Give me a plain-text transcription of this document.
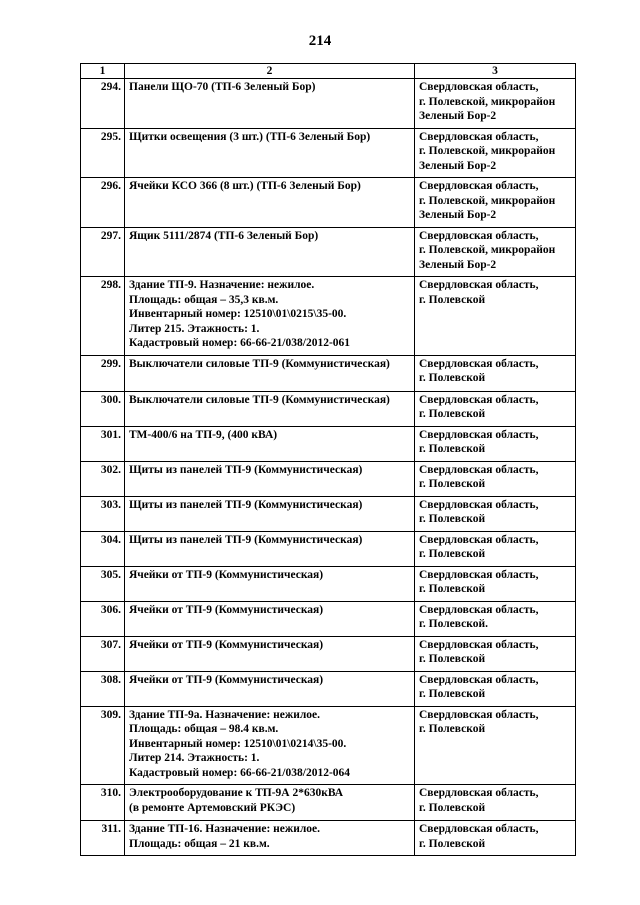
214
1	2	3
294.	Панели ЩО-70 (ТП-6 Зеленый Бор)	Свердловская область,
г. Полевской, микрорайон
Зеленый Бор-2

295.	Щитки освещения (3 шт.) (ТП-6 Зеленый Бор)	Свердловская область,
г. Полевской, микрорайон
Зеленый Бор-2

296.	Ячейки КСО 366 (8 шт.) (ТП-6 Зеленый Бор)	Свердловская область,
г. Полевской, микрорайон
Зеленый Бор-2

297.	Ящик 5111/2874 (ТП-6 Зеленый Бор)	Свердловская область,
г. Полевской, микрорайон
Зеленый Бор-2

298.	Здание ТП-9. Назначение: нежилое.
Площадь: общая – 35,3 кв.м.
Инвентарный номер: 12510\01\0215\35-00.
Литер 215. Этажность: 1.
Кадастровый номер: 66-66-21/038/2012-061	Свердловская область,
г. Полевской

299.	Выключатели силовые ТП-9 (Коммунистическая)	Свердловская область,
г. Полевской

300.	Выключатели силовые ТП-9 (Коммунистическая)	Свердловская область,
г. Полевской

301.	ТМ-400/6 на ТП-9, (400 кВА)	Свердловская область,
г. Полевской

302.	Щиты из панелей ТП-9 (Коммунистическая)	Свердловская область,
г. Полевской

303.	Щиты из панелей ТП-9 (Коммунистическая)	Свердловская область,
г. Полевской

304.	Щиты из панелей ТП-9 (Коммунистическая)	Свердловская область,
г. Полевской

305.	Ячейки от ТП-9 (Коммунистическая)	Свердловская область,
г. Полевской

306.	Ячейки от ТП-9 (Коммунистическая)	Свердловская область,
г. Полевской.

307.	Ячейки от ТП-9 (Коммунистическая)	Свердловская область,
г. Полевской

308.	Ячейки от ТП-9 (Коммунистическая)	Свердловская область,
г. Полевской

309.	Здание ТП-9а. Назначение: нежилое.
Площадь: общая – 98.4 кв.м.
Инвентарный номер: 12510\01\0214\35-00.
Литер 214. Этажность: 1.
Кадастровый номер: 66-66-21/038/2012-064	Свердловская область,
г. Полевской

310.	Электрооборудование к ТП-9А 2*630кВА
(в ремонте Артемовский РКЭС)	Свердловская область,
г. Полевской

311.	Здание ТП-16. Назначение: нежилое.
Площадь: общая – 21 кв.м.	Свердловская область,
г. Полевской
